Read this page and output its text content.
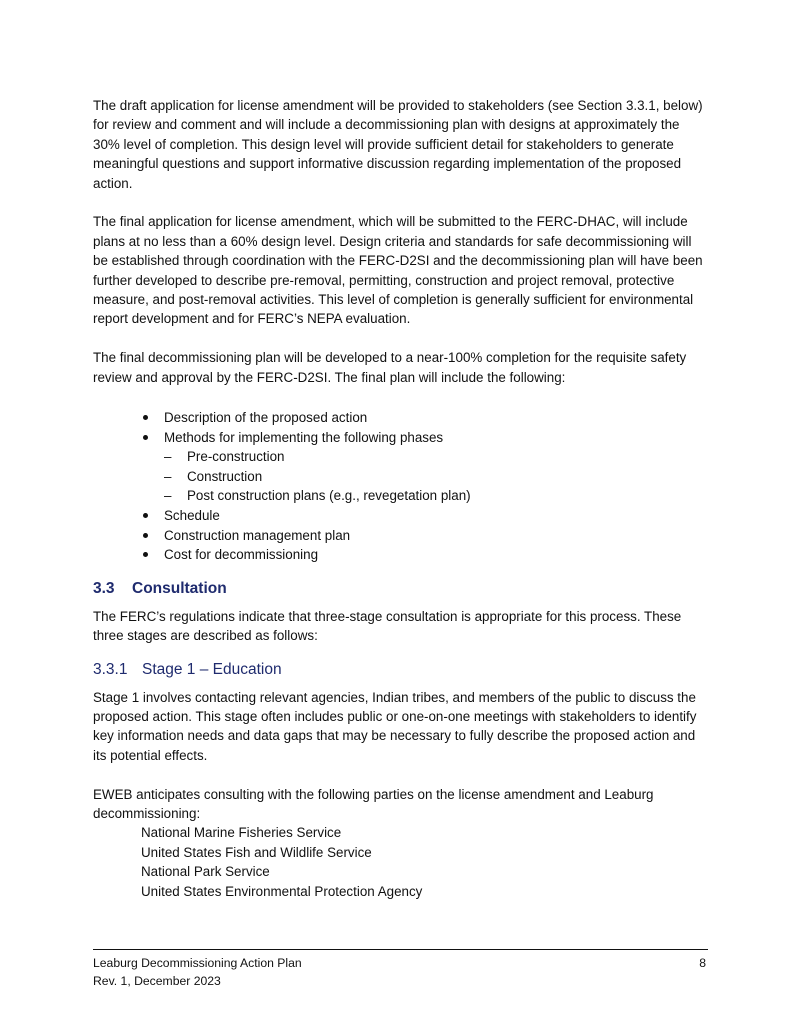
The draft application for license amendment will be provided to stakeholders (see Section 3.3.1, below) for review and comment and will include a decommissioning plan with designs at approximately the 30% level of completion. This design level will provide sufficient detail for stakeholders to generate meaningful questions and support informative discussion regarding implementation of the proposed action.

The final application for license amendment, which will be submitted to the FERC-DHAC, will include plans at no less than a 60% design level. Design criteria and standards for safe decommissioning will be established through coordination with the FERC-D2SI and the decommissioning plan will have been further developed to describe pre-removal, permitting, construction and project removal, protective measure, and post-removal activities. This level of completion is generally sufficient for environmental report development and for FERC’s NEPA evaluation.

The final decommissioning plan will be developed to a near-100% completion for the requisite safety review and approval by the FERC-D2SI. The final plan will include the following:

Description of the proposed action
Methods for implementing the following phases
– Pre-construction
– Construction
– Post construction plans (e.g., revegetation plan)
Schedule
Construction management plan
Cost for decommissioning
3.3 Consultation

The FERC’s regulations indicate that three-stage consultation is appropriate for this process. These three stages are described as follows:

3.3.1 Stage 1 – Education

Stage 1 involves contacting relevant agencies, Indian tribes, and members of the public to discuss the proposed action. This stage often includes public or one-on-one meetings with stakeholders to identify key information needs and data gaps that may be necessary to fully describe the proposed action and its potential effects.

EWEB anticipates consulting with the following parties on the license amendment and Leaburg decommissioning:

National Marine Fisheries Service

United States Fish and Wildlife Service

National Park Service

United States Environmental Protection Agency

Leaburg Decommissioning Action Plan
Rev. 1, December 2023
8
